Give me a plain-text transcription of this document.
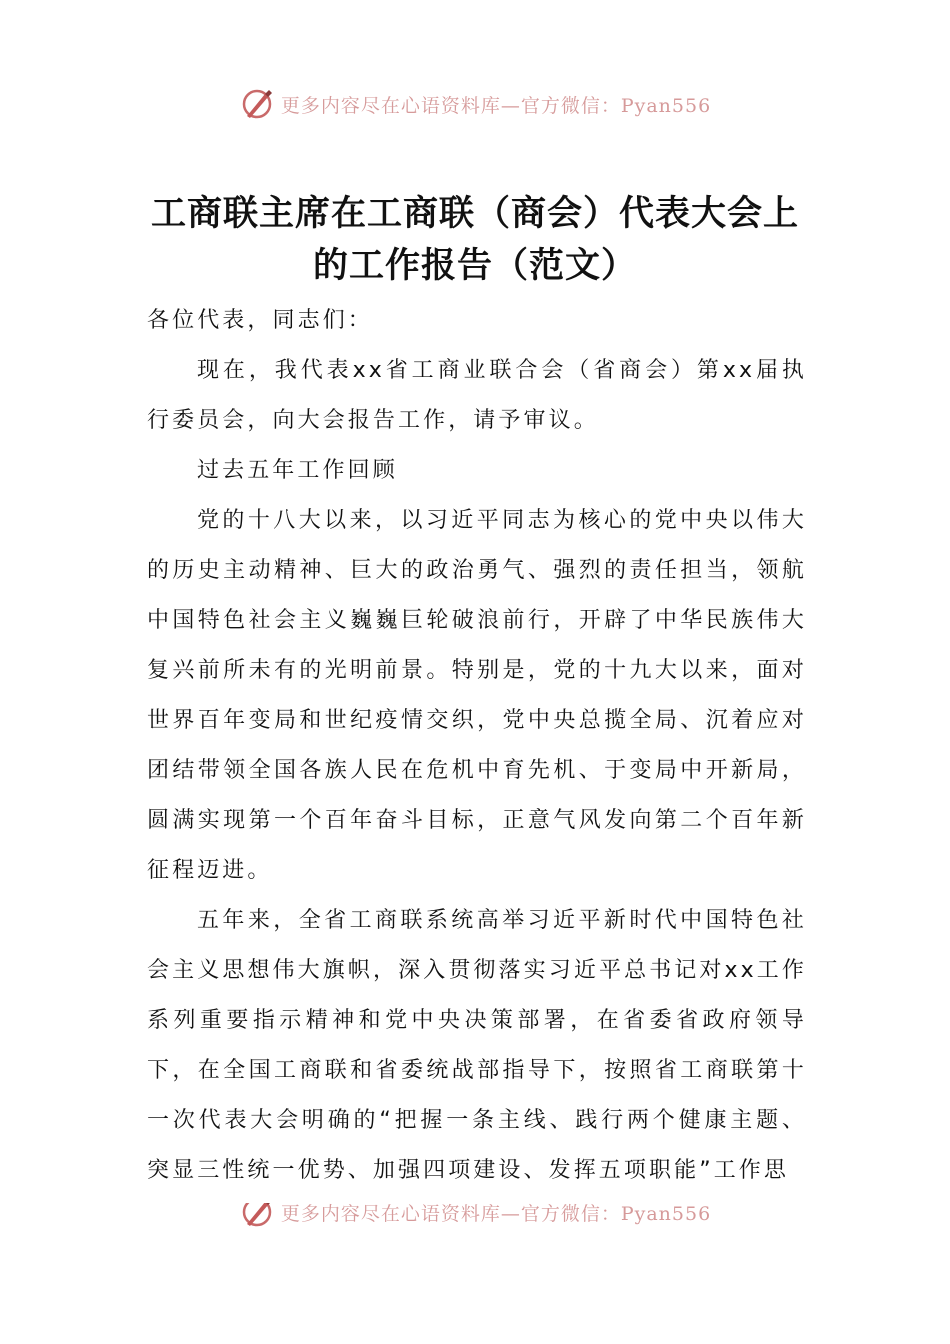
更多内容尽在心语资料库—官方微信：Pyan556
工商联主席在工商联（商会）代表大会上
的工作报告（范文）

各位代表，同志们：

现在，我代表xx省工商业联合会（省商会）第xx届执行委员会，向大会报告工作，请予审议。

过去五年工作回顾

党的十八大以来，以习近平同志为核心的党中央以伟大的历史主动精神、巨大的政治勇气、强烈的责任担当，领航中国特色社会主义巍巍巨轮破浪前行，开辟了中华民族伟大复兴前所未有的光明前景。特别是，党的十九大以来，面对世界百年变局和世纪疫情交织，党中央总揽全局、沉着应对团结带领全国各族人民在危机中育先机、于变局中开新局，圆满实现第一个百年奋斗目标，正意气风发向第二个百年新征程迈进。

五年来，全省工商联系统高举习近平新时代中国特色社会主义思想伟大旗帜，深入贯彻落实习近平总书记对xx工作系列重要指示精神和党中央决策部署，在省委省政府领导下，在全国工商联和省委统战部指导下，按照省工商联第十一次代表大会明确的“把握一条主线、践行两个健康主题、突显三性统一优势、加强四项建设、发挥五项职能”工作思

更多内容尽在心语资料库—官方微信：Pyan556
